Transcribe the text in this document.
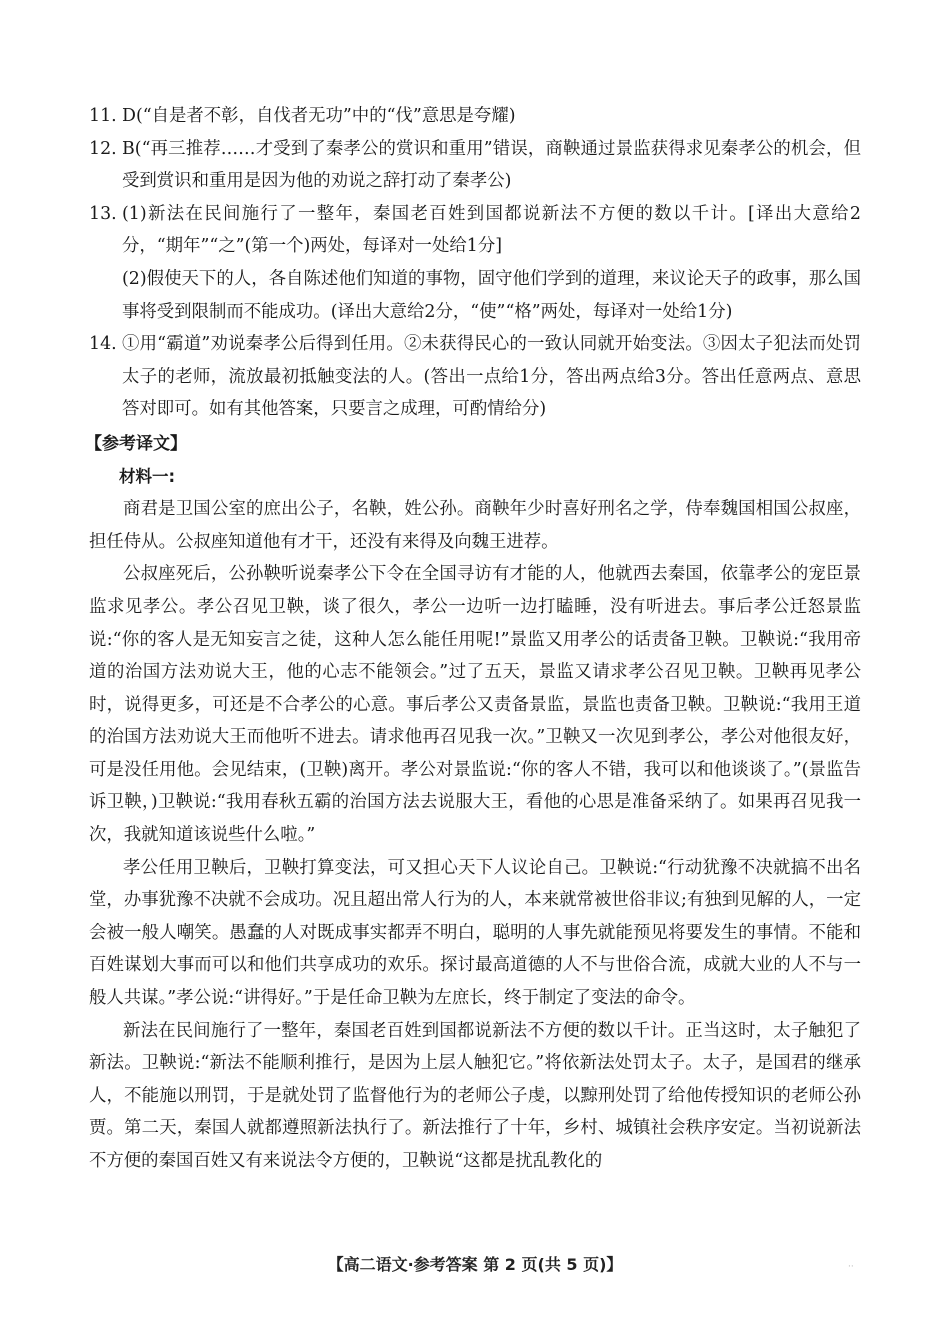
11. D(“自是者不彰，自伐者无功”中的“伐”意思是夸耀)
12. B(“再三推荐……才受到了秦孝公的赏识和重用”错误，商鞅通过景监获得求见秦孝公的机会，但受到赏识和重用是因为他的劝说之辞打动了秦孝公)
13. (1)新法在民间施行了一整年，秦国老百姓到国都说新法不方便的数以千计。[译出大意给2分，“期年”“之”(第一个)两处，每译对一处给1分]
(2)假使天下的人，各自陈述他们知道的事物，固守他们学到的道理，来议论天子的政事，那么国事将受到限制而不能成功。(译出大意给2分，“使”“格”两处，每译对一处给1分)
14. ①用“霸道”劝说秦孝公后得到任用。②未获得民心的一致认同就开始变法。③因太子犯法而处罚太子的老师，流放最初抵触变法的人。(答出一点给1分，答出两点给3分。答出任意两点、意思答对即可。如有其他答案，只要言之成理，可酌情给分)
【参考译文】
材料一:

商君是卫国公室的庶出公子，名鞅，姓公孙。商鞅年少时喜好刑名之学，侍奉魏国相国公叔座，担任侍从。公叔座知道他有才干，还没有来得及向魏王进荐。

公叔座死后，公孙鞅听说秦孝公下令在全国寻访有才能的人，他就西去秦国，依靠孝公的宠臣景监求见孝公。孝公召见卫鞅，谈了很久，孝公一边听一边打瞌睡，没有听进去。事后孝公迁怒景监说:“你的客人是无知妄言之徒，这种人怎么能任用呢!”景监又用孝公的话责备卫鞅。卫鞅说:“我用帝道的治国方法劝说大王，他的心志不能领会。”过了五天，景监又请求孝公召见卫鞅。卫鞅再见孝公时，说得更多，可还是不合孝公的心意。事后孝公又责备景监，景监也责备卫鞅。卫鞅说:“我用王道的治国方法劝说大王而他听不进去。请求他再召见我一次。”卫鞅又一次见到孝公，孝公对他很友好，可是没任用他。会见结束，(卫鞅)离开。孝公对景监说:“你的客人不错，我可以和他谈谈了。”(景监告诉卫鞅，)卫鞅说:“我用春秋五霸的治国方法去说服大王，看他的心思是准备采纳了。如果再召见我一次，我就知道该说些什么啦。”

孝公任用卫鞅后，卫鞅打算变法，可又担心天下人议论自己。卫鞅说:“行动犹豫不决就搞不出名堂，办事犹豫不决就不会成功。况且超出常人行为的人，本来就常被世俗非议;有独到见解的人，一定会被一般人嘲笑。愚蠢的人对既成事实都弄不明白，聪明的人事先就能预见将要发生的事情。不能和百姓谋划大事而可以和他们共享成功的欢乐。探讨最高道德的人不与世俗合流，成就大业的人不与一般人共谋。”孝公说:“讲得好。”于是任命卫鞅为左庶长，终于制定了变法的命令。

新法在民间施行了一整年，秦国老百姓到国都说新法不方便的数以千计。正当这时，太子触犯了新法。卫鞅说:“新法不能顺利推行，是因为上层人触犯它。”将依新法处罚太子。太子，是国君的继承人，不能施以刑罚，于是就处罚了监督他行为的老师公子虔，以黥刑处罚了给他传授知识的老师公孙贾。第二天，秦国人就都遵照新法执行了。新法推行了十年，乡村、城镇社会秩序安定。当初说新法不方便的秦国百姓又有来说法令方便的，卫鞅说“这都是扰乱教化的

【高二语文·参考答案 第 2 页(共 5 页)】	··
